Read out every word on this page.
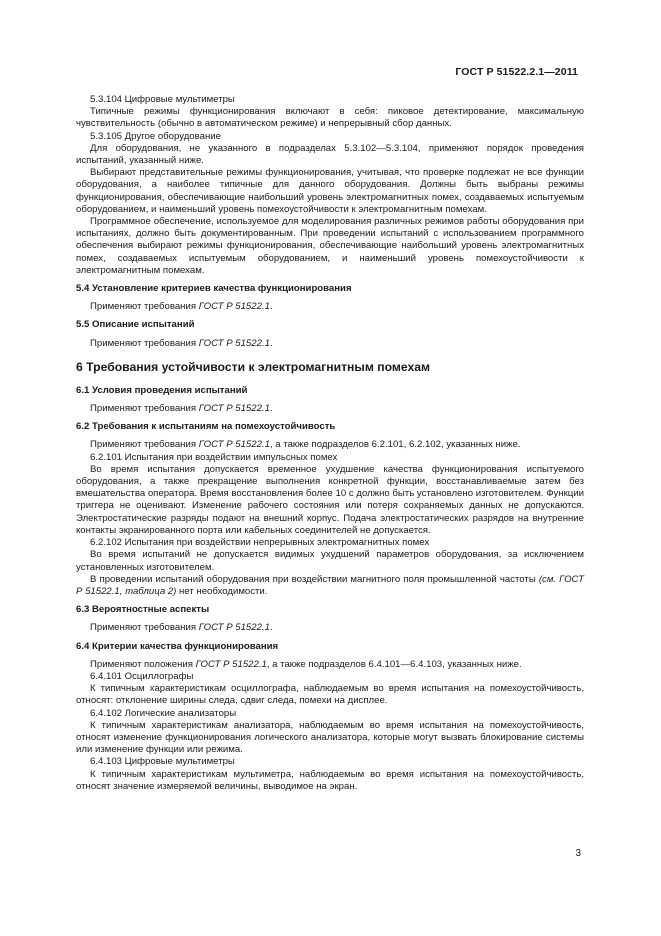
ГОСТ Р 51522.2.1—2011

5.3.104 Цифровые мультиметры

Типичные режимы функционирования включают в себя: пиковое детектирование, максимальную чувствительность (обычно в автоматическом режиме) и непрерывный сбор данных.

5.3.105 Другое оборудование

Для оборудования, не указанного в подразделах 5.3.102—5.3.104, применяют порядок проведения испытаний, указанный ниже.

Выбирают представительные режимы функционирования, учитывая, что проверке подлежат не все функции оборудования, а наиболее типичные для данного оборудования. Должны быть выбраны режимы функционирования, обеспечивающие наибольший уровень электромагнитных помех, создаваемых испытуемым оборудованием, и наименьший уровень помехоустойчивости к электромагнитным помехам.

Программное обеспечение, используемое для моделирования различных режимов работы оборудования при испытаниях, должно быть документированным. При проведении испытаний с использованием программного обеспечения выбирают режимы функционирования, обеспечивающие наибольший уровень электромагнитных помех, создаваемых испытуемым оборудованием, и наименьший уровень помехоустойчивости к электромагнитным помехам.

5.4 Установление критериев качества функционирования

Применяют требования ГОСТ Р 51522.1.

5.5 Описание испытаний

Применяют требования ГОСТ Р 51522.1.

6 Требования устойчивости к электромагнитным помехам
6.1 Условия проведения испытаний

Применяют требования ГОСТ Р 51522.1.

6.2 Требования к испытаниям на помехоустойчивость

Применяют требования ГОСТ Р 51522.1, а также подразделов 6.2.101, 6.2.102, указанных ниже.

6.2.101 Испытания при воздействии импульсных помех

Во время испытания допускается временное ухудшение качества функционирования испытуемого оборудования, а также прекращение выполнения конкретной функции, восстанавливаемые затем без вмешательства оператора. Время восстановления более 10 с должно быть установлено изготовителем. Функции триггера не оценивают. Изменение рабочего состояния или потеря сохраняемых данных не допускаются. Электростатические разряды подают на внешний корпус. Подача электростатических разрядов на внутренние контакты экранированного порта или кабельных соединителей не допускается.

6.2.102 Испытания при воздействии непрерывных электромагнитных помех

Во время испытаний не допускается видимых ухудшений параметров оборудования, за исключением установленных изготовителем.

В проведении испытаний оборудования при воздействии магнитного поля промышленной частоты (см. ГОСТ Р 51522.1, таблица 2) нет необходимости.

6.3 Вероятностные аспекты

Применяют требования ГОСТ Р 51522.1.

6.4 Критерии качества функционирования

Применяют положения ГОСТ Р 51522.1, а также подразделов 6.4.101—6.4.103, указанных ниже.

6.4.101 Осциллографы

К типичным характеристикам осциллографа, наблюдаемым во время испытания на помехоустойчивость, относят: отклонение ширины следа, сдвиг следа, помехи на дисплее.

6.4.102 Логические анализаторы

К типичным характеристикам анализатора, наблюдаемым во время испытания на помехоустойчивость, относят изменение функционирования логического анализатора, которые могут вызвать блокирование системы или изменение функции или режима.

6.4.103 Цифровые мультиметры

К типичным характеристикам мультиметра, наблюдаемым во время испытания на помехоустойчивость, относят значение измеряемой величины, выводимое на экран.

3
